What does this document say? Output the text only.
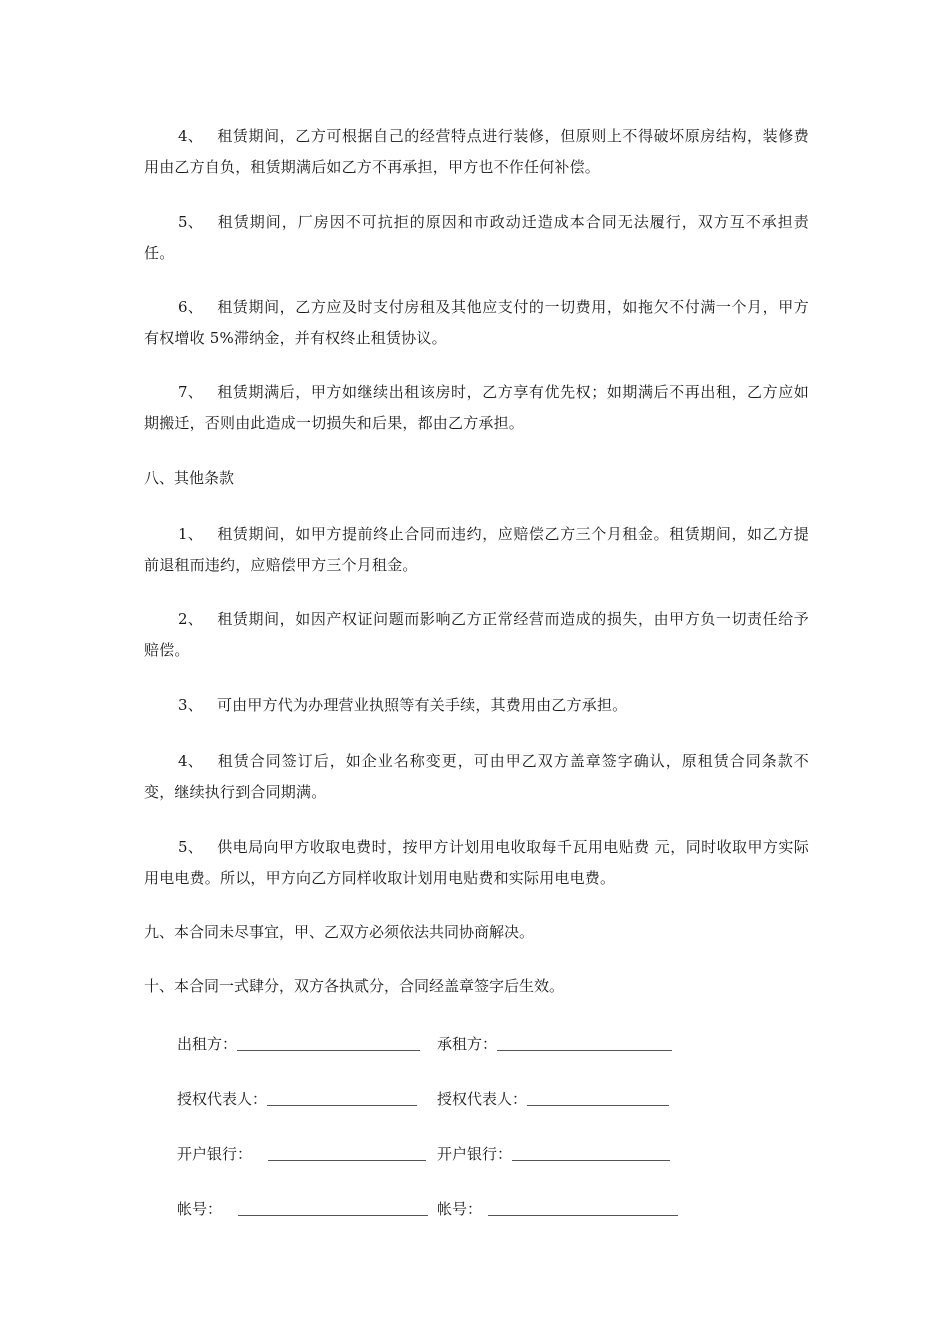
4、 租赁期间，乙方可根据自己的经营特点进行装修，但原则上不得破坏原房结构，装修费用由乙方自负，租赁期满后如乙方不再承担，甲方也不作任何补偿。

5、 租赁期间，厂房因不可抗拒的原因和市政动迁造成本合同无法履行，双方互不承担责任。

6、 租赁期间，乙方应及时支付房租及其他应支付的一切费用，如拖欠不付满一个月，甲方有权增收 5%滞纳金，并有权终止租赁协议。

7、 租赁期满后，甲方如继续出租该房时，乙方享有优先权；如期满后不再出租，乙方应如期搬迁，否则由此造成一切损失和后果，都由乙方承担。

八、其他条款

1、 租赁期间，如甲方提前终止合同而违约，应赔偿乙方三个月租金。租赁期间，如乙方提前退租而违约，应赔偿甲方三个月租金。

2、 租赁期间，如因产权证问题而影响乙方正常经营而造成的损失，由甲方负一切责任给予赔偿。

3、 可由甲方代为办理营业执照等有关手续，其费用由乙方承担。

4、 租赁合同签订后，如企业名称变更，可由甲乙双方盖章签字确认，原租赁合同条款不变，继续执行到合同期满。

5、 供电局向甲方收取电费时，按甲方计划用电收取每千瓦用电贴费 元，同时收取甲方实际用电电费。所以，甲方向乙方同样收取计划用电贴费和实际用电电费。

九、本合同未尽事宜，甲、乙双方必须依法共同协商解决。

十、本合同一式肆分，双方各执贰分，合同经盖章签字后生效。

出租方：	承租方：
授权代表人：	授权代表人：
开户银行：	开户银行：
帐号：	帐号：
